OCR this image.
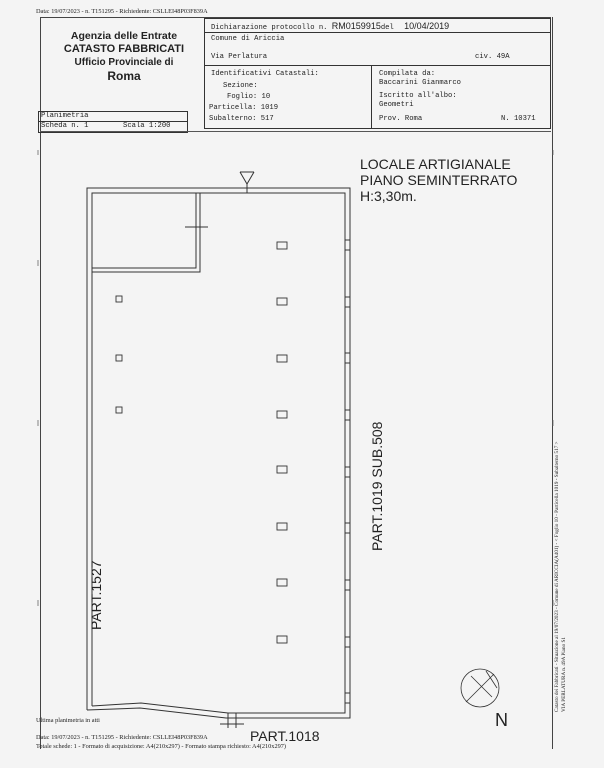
Data: 19/07/2023 - n. T151295 - Richiedente: CSLLEI48P03F839A
Agenzia delle Entrate
CATASTO FABBRICATI
Ufficio Provinciale di
Roma
Dichiarazione protocollo n. RM0159915del 10/04/2019
Comune di Ariccia
Via Perlatura	civ. 49A
Identificativi Catastali:
Sezione:
Foglio: 10
Particella: 1019
Subalterno: 517
Compilata da:
Baccarini Gianmarco
Iscritto all'albo:
Geometri
Prov. Roma	N. 10371
Planimetria
Scheda n. 1	Scala 1:200
LOCALE ARTIGIANALE
PIANO SEMINTERRATO
H:3,30m.
PART.1527
PART.1019 SUB.508
PART.1018
N
Catasto dei Fabbricati - Situazione al 19/07/2023 - Comune di ARICCIA(A401) - < Foglio 10 - Particella 1019 - Subalterno 517 > VIA PERLATURA n. 49A Piano S1
Ultima planimetria in atti
Data: 19/07/2023 - n. T151295 - Richiedente: CSLLEI48P03F839A
Totale schede: 1 - Formato di acquisizione: A4(210x297) - Formato stampa richiesto: A4(210x297)
